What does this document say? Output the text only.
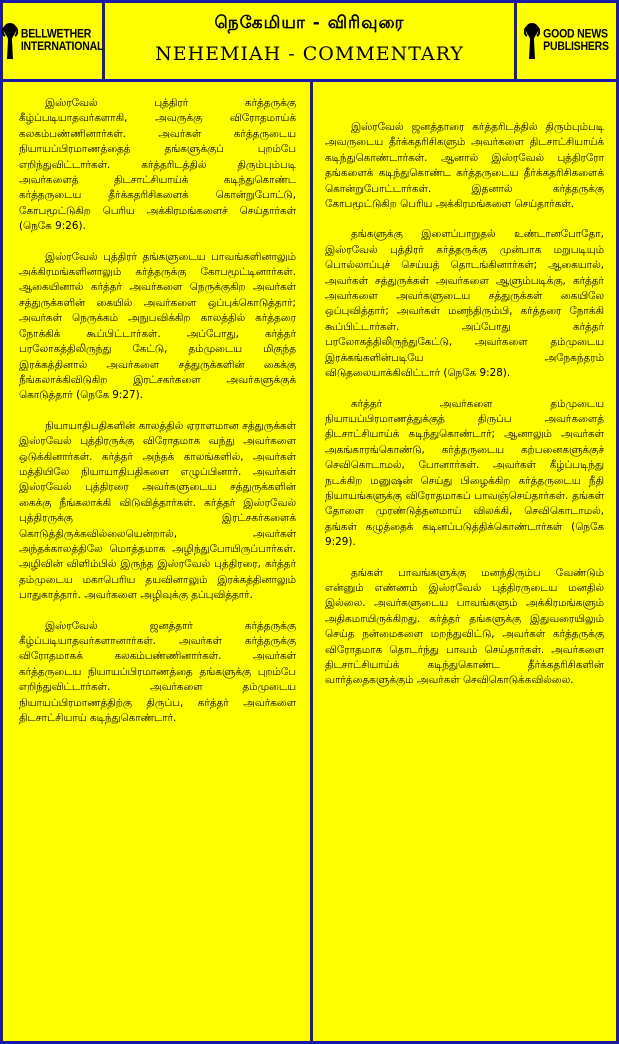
BELLWETHER
INTERNATIONAL
நெகேமியா - விரிவுரை
NEHEMIAH - COMMENTARY
GOOD NEWS
PUBLISHERS

இஸ்ரவேல் புத்திரர் கர்த்தருக்கு கீழ்ப்படியாதவர்களாகி, அவருக்கு விரோதமாய்க் கலகம்பண்ணினார்கள். அவர்கள் கர்த்தருடைய நியாயப்பிரமாணத்தைத் தங்களுக்குப் புறம்பே எறிந்துவிட்டார்கள். கர்த்தரிடத்தில் திரும்பும்படி அவர்களைத் திடசாட்சியாய்க் கடிந்துகொண்ட கர்த்தருடைய தீர்க்கதரிசிகளைக் கொன்றுபோட்டு, கோபமூட்டுகிற பெரிய அக்கிரமங்களைச் செய்தார்கள் (நெகே 9:26).

இஸ்ரவேல் புத்திரர் தங்களுடைய பாவங்களினாலும் அக்கிரமங்களினாலும் கர்த்தருக்கு கோபமூட்டினார்கள். ஆகையினால் கர்த்தர் அவர்களை நெருக்குகிற அவர்கள் சத்துருக்களின் கையில் அவர்களை ஒப்புக்கொடுத்தார்; அவர்கள் நெருக்கம் அநுபவிக்கிற காலத்தில் கர்த்தரை நோக்கிக் கூப்பிட்டார்கள். அப்போது, கர்த்தர் பரலோகத்திலிருந்து கேட்டு, தம்முடைய மிகுந்த இரக்கத்தினால் அவர்களை சத்துருக்களின் கைக்கு நீங்கலாக்கிவிடுகிற இரட்சகர்களை அவர்களுக்குக் கொடுத்தார் (நெகே 9:27).

நியாயாதிபதிகளின் காலத்தில் ஏராளமான சத்துருக்கள் இஸ்ரவேல் புத்திரருக்கு விரோதமாக வந்து அவர்களை ஒடுக்கினார்கள். கர்த்தர் அந்தக் காலங்களில், அவர்கள் மத்தியிலே நியாயாதிபதிகளை எழுப்பினார். அவர்கள் இஸ்ரவேல் புத்திரரை அவர்களுடைய சத்துருக்களின் கைக்கு நீங்கலாக்கி விடுவித்தார்கள். கர்த்தர் இஸ்ரவேல் புத்திரருக்கு இரட்சகர்களைக் கொடுத்திருக்கவில்லையென்றால், அவர்கள் அந்தக்காலத்திலே மொத்தமாக அழிந்துபோயிருப்பார்கள். அழிவின் விளிம்பில் இருந்த இஸ்ரவேல் புத்திரரை, கர்த்தர் தம்முடைய மகாபெரிய தயவினாலும் இரக்கத்தினாலும் பாதுகாத்தார். அவர்களை அழிவுக்கு தப்புவித்தார்.

இஸ்ரவேல் ஜனத்தார் கர்த்தருக்கு கீழ்ப்படியாதவர்களானார்கள். அவர்கள் கர்த்தருக்கு விரோதமாகக் கலகம்பண்ணினார்கள். அவர்கள் கர்த்தருடைய நியாயப்பிரமாணத்தை தங்களுக்கு புறம்பே எறிந்துவிட்டார்கள். அவர்களை தம்முடைய நியாயப்பிரமாணத்திற்கு திருப்ப, கர்த்தர் அவர்களை திடசாட்சியாய் கடிந்துகொண்டார்.

இஸ்ரவேல் ஜனத்தாரை கர்த்தரிடத்தில் திரும்பும்படி அவருடைய தீர்க்கதரிசிகளும் அவர்களை திடசாட்சியாய்க் கடிந்துகொண்டார்கள். ஆனால் இஸ்ரவேல் புத்திரரோ தங்களைக் கடிந்துகொண்ட கர்த்தருடைய தீர்க்கதரிசிகளைக் கொன்றுபோட்டார்கள். இதனால் கர்த்தருக்கு கோபமூட்டுகிற பெரிய அக்கிரமங்களை செய்தார்கள்.

தங்களுக்கு இளைப்பாறுதல் உண்டானபோதோ, இஸ்ரவேல் புத்திரர் கர்த்தருக்கு முன்பாக மறுபடியும் பொல்லாப்புச் செய்யத் தொடங்கினார்கள்; ஆகையால், அவர்கள் சத்துருக்கள் அவர்களை ஆளும்படிக்கு, கர்த்தர் அவர்களை அவர்களுடைய சத்துருக்கள் கையிலே ஒப்புவித்தார்; அவர்கள் மனந்திரும்பி, கர்த்தரை நோக்கி கூப்பிட்டார்கள். அப்போது கர்த்தர் பரலோகத்திலிருந்துகேட்டு, அவர்களை தம்முடைய இரக்கங்களின்படியே அநேகந்தரம் விடுதலையாக்கிவிட்டார் (நெகே 9:28).

கர்த்தர் அவர்களை தம்முடைய நியாயப்பிரமாணத்துக்குத் திருப்ப அவர்களைத் திடசாட்சியாய்க் கடிந்துகொண்டார்; ஆனாலும் அவர்கள் அகங்காரங்கொண்டு, கர்த்தருடைய கற்பனைகளுக்குச் செவிகொடாமல், போனார்கள். அவர்கள் கீழ்ப்படிந்து நடக்கிற மனுஷன் செய்து பிழைக்கிற கர்த்தருடைய நீதி நியாயங்களுக்கு விரோதமாகப் பாவஞ்செய்தார்கள். தங்கள் தோளை முரண்டுத்தனமாய் விலக்கி, செவிகொடாமல், தங்கள் கழுத்தைக் கடினப்படுத்திக்கொண்டார்கள் (நெகே 9:29).

தங்கள் பாவங்களுக்கு மனந்திரும்ப வேண்டும் என்னும் எண்ணம் இஸ்ரவேல் புத்திரருடைய மனதில் இல்லை. அவர்களுடைய பாவங்களும் அக்கிரமங்களும் அதிகமாயிருக்கிறது. கர்த்தர் தங்களுக்கு இதுவரையிலும் செய்த நன்மைகளை மறந்துவிட்டு, அவர்கள் கர்த்தருக்கு விரோதமாக தொடர்ந்து பாவம் செய்தார்கள். அவர்களை திடசாட்சியாய்க் கடிந்துகொண்ட தீர்க்கதரிசிகளின் வார்த்தைகளுக்கும் அவர்கள் செவிகொடுக்கவில்லை.
